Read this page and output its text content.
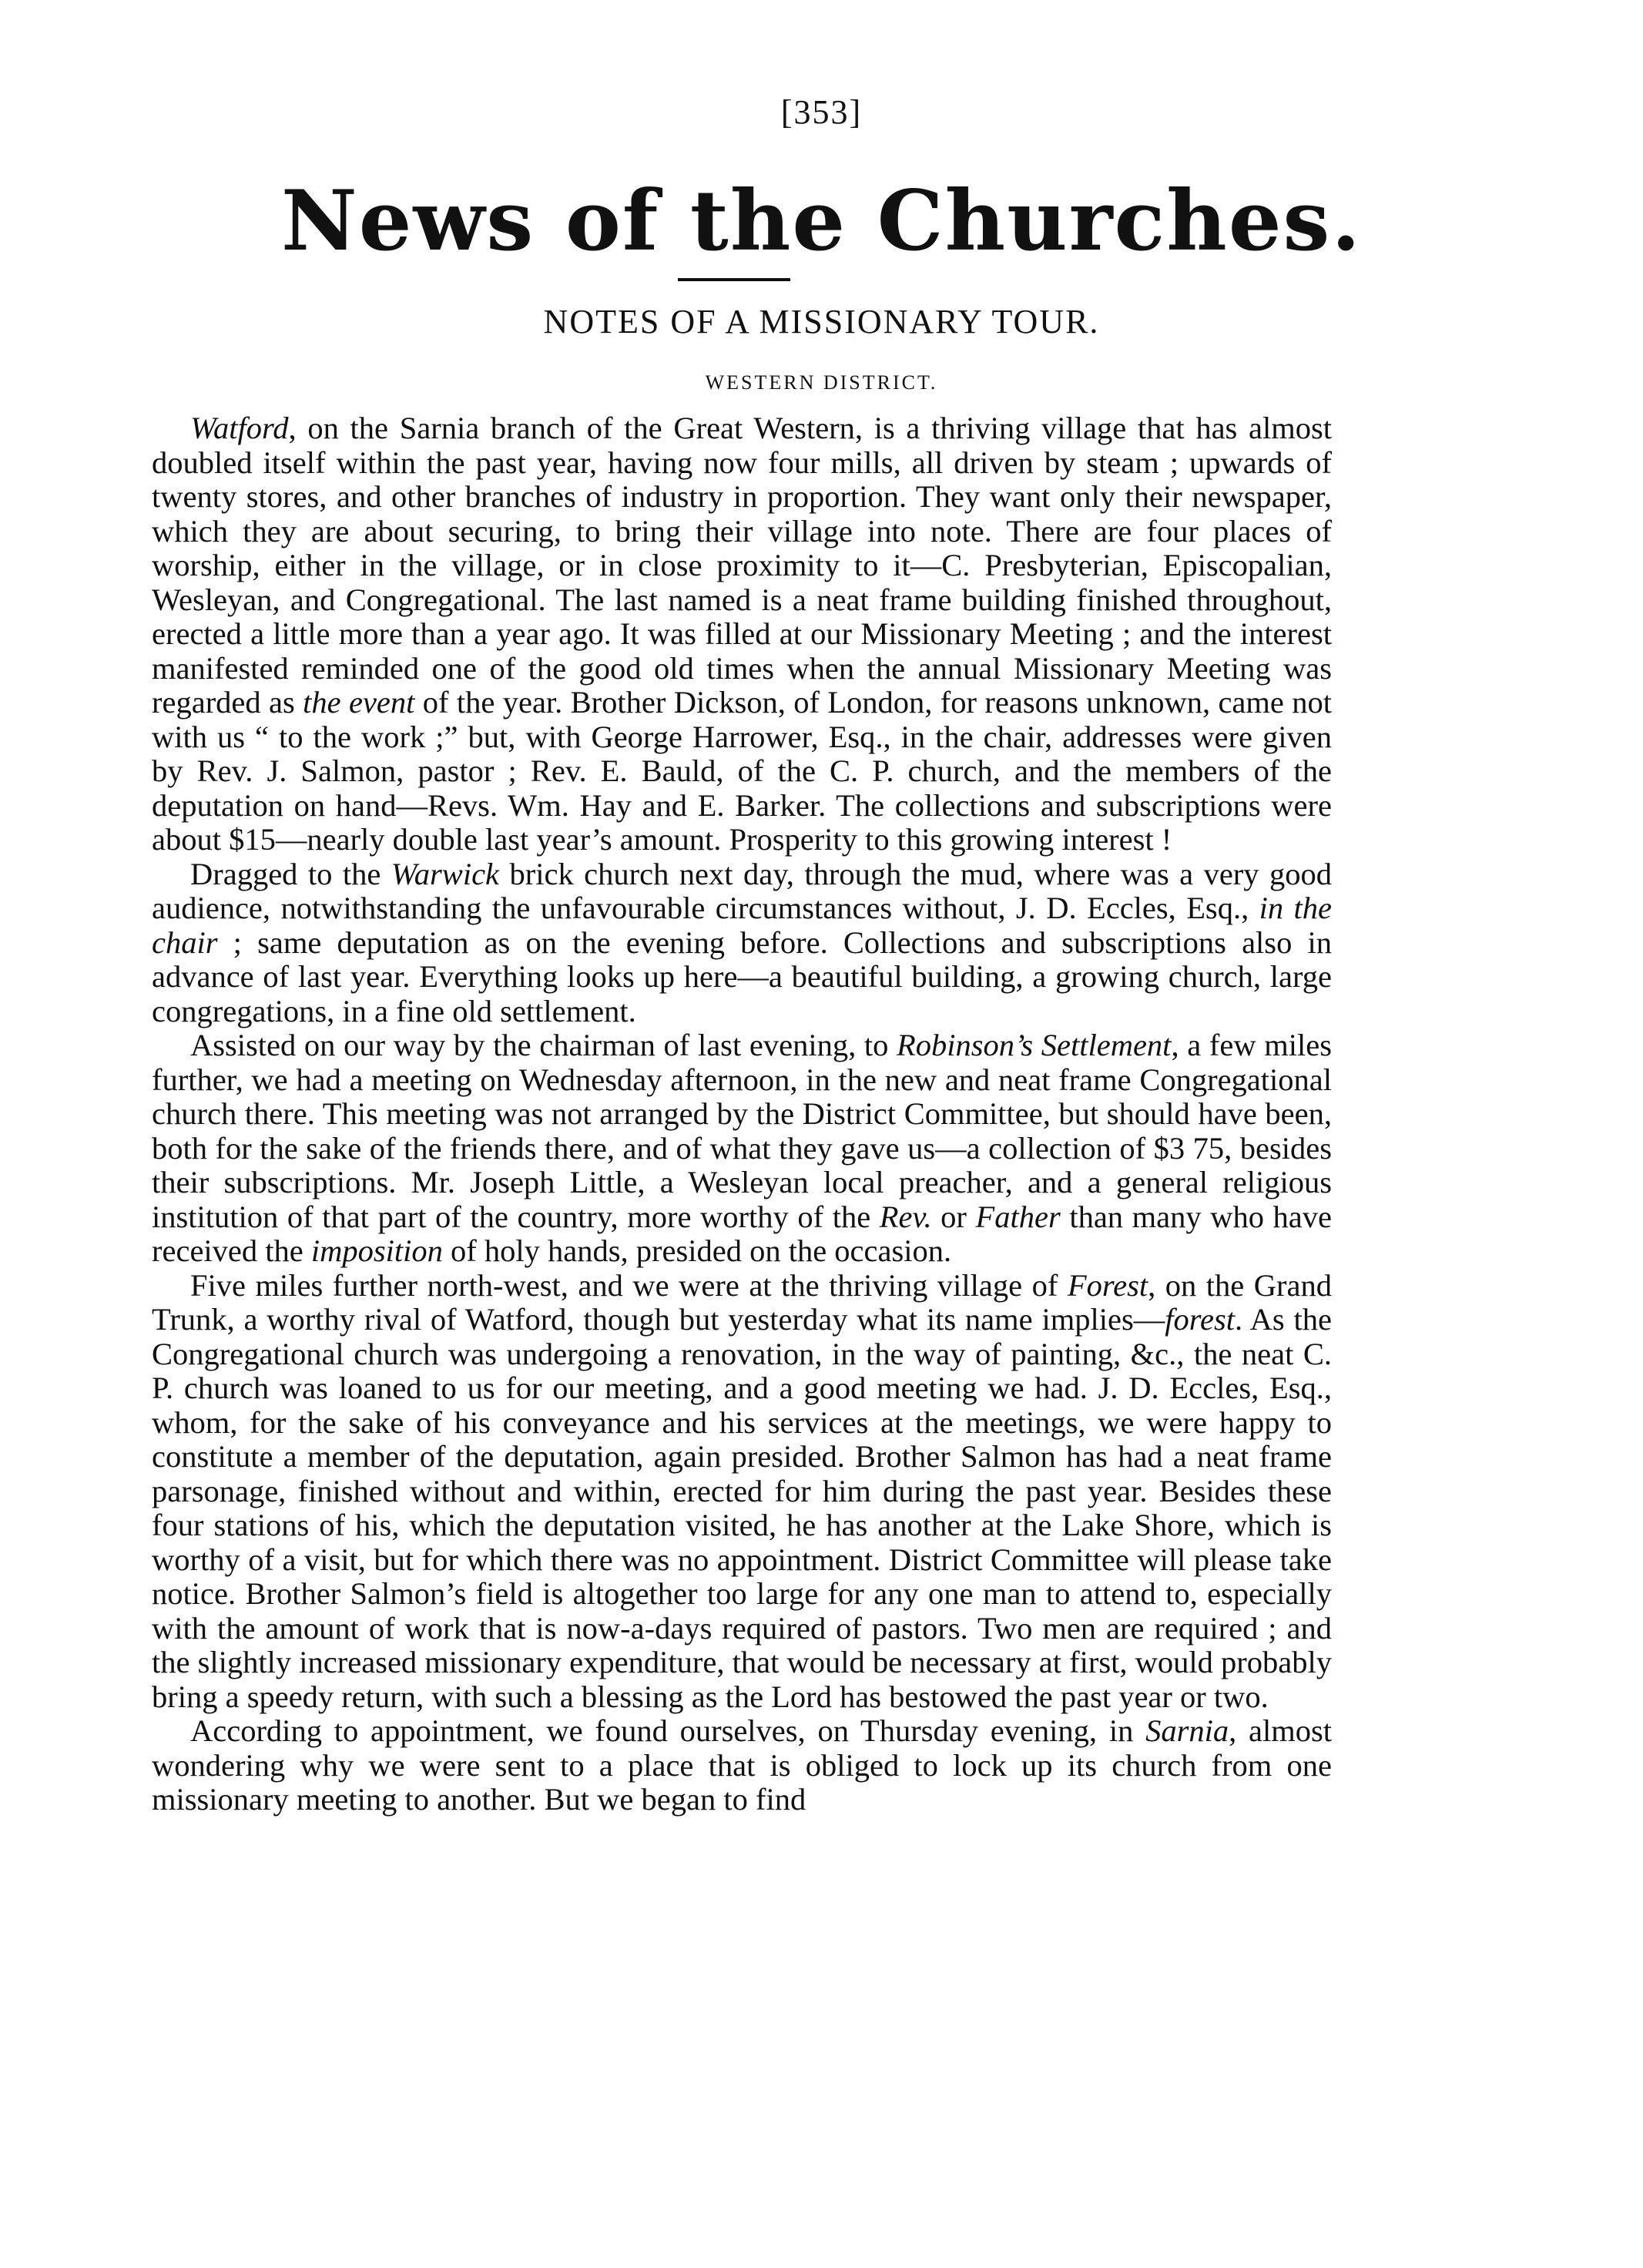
[353]
News of the Churches.
NOTES OF A MISSIONARY TOUR.
WESTERN DISTRICT.

Watford, on the Sarnia branch of the Great Western, is a thriving village that has almost doubled itself within the past year, having now four mills, all driven by steam ; upwards of twenty stores, and other branches of industry in proportion. They want only their newspaper, which they are about securing, to bring their village into note. There are four places of worship, either in the village, or in close proximity to it—C. Presbyterian, Episcopalian, Wesleyan, and Congregational. The last named is a neat frame building finished throughout, erected a little more than a year ago. It was filled at our Missionary Meeting ; and the interest manifested reminded one of the good old times when the annual Missionary Meeting was regarded as the event of the year. Brother Dickson, of London, for reasons unknown, came not with us “ to the work ;” but, with George Harrower, Esq., in the chair, addresses were given by Rev. J. Salmon, pastor ; Rev. E. Bauld, of the C. P. church, and the members of the deputation on hand—Revs. Wm. Hay and E. Barker. The collections and subscriptions were about $15—nearly double last year’s amount. Prosperity to this growing interest !

Dragged to the Warwick brick church next day, through the mud, where was a very good audience, notwithstanding the unfavourable circumstances without, J. D. Eccles, Esq., in the chair ; same deputation as on the evening before. Collections and subscriptions also in advance of last year. Everything looks up here—a beautiful building, a growing church, large congregations, in a fine old settlement.

Assisted on our way by the chairman of last evening, to Robinson’s Settlement, a few miles further, we had a meeting on Wednesday afternoon, in the new and neat frame Congregational church there. This meeting was not arranged by the District Committee, but should have been, both for the sake of the friends there, and of what they gave us—a collection of $3 75, besides their subscriptions. Mr. Joseph Little, a Wesleyan local preacher, and a general religious institution of that part of the country, more worthy of the Rev. or Father than many who have received the imposition of holy hands, presided on the occasion.

Five miles further north-west, and we were at the thriving village of Forest, on the Grand Trunk, a worthy rival of Watford, though but yesterday what its name implies—forest. As the Congregational church was undergoing a renovation, in the way of painting, &c., the neat C. P. church was loaned to us for our meeting, and a good meeting we had. J. D. Eccles, Esq., whom, for the sake of his conveyance and his services at the meetings, we were happy to constitute a member of the deputation, again presided. Brother Salmon has had a neat frame parsonage, finished without and within, erected for him during the past year. Besides these four stations of his, which the deputation visited, he has another at the Lake Shore, which is worthy of a visit, but for which there was no appointment. District Committee will please take notice. Brother Salmon’s field is altogether too large for any one man to attend to, especially with the amount of work that is now-a-days required of pastors. Two men are required ; and the slightly increased missionary expenditure, that would be necessary at first, would probably bring a speedy return, with such a blessing as the Lord has bestowed the past year or two.

According to appointment, we found ourselves, on Thursday evening, in Sarnia, almost wondering why we were sent to a place that is obliged to lock up its church from one missionary meeting to another. But we began to find
